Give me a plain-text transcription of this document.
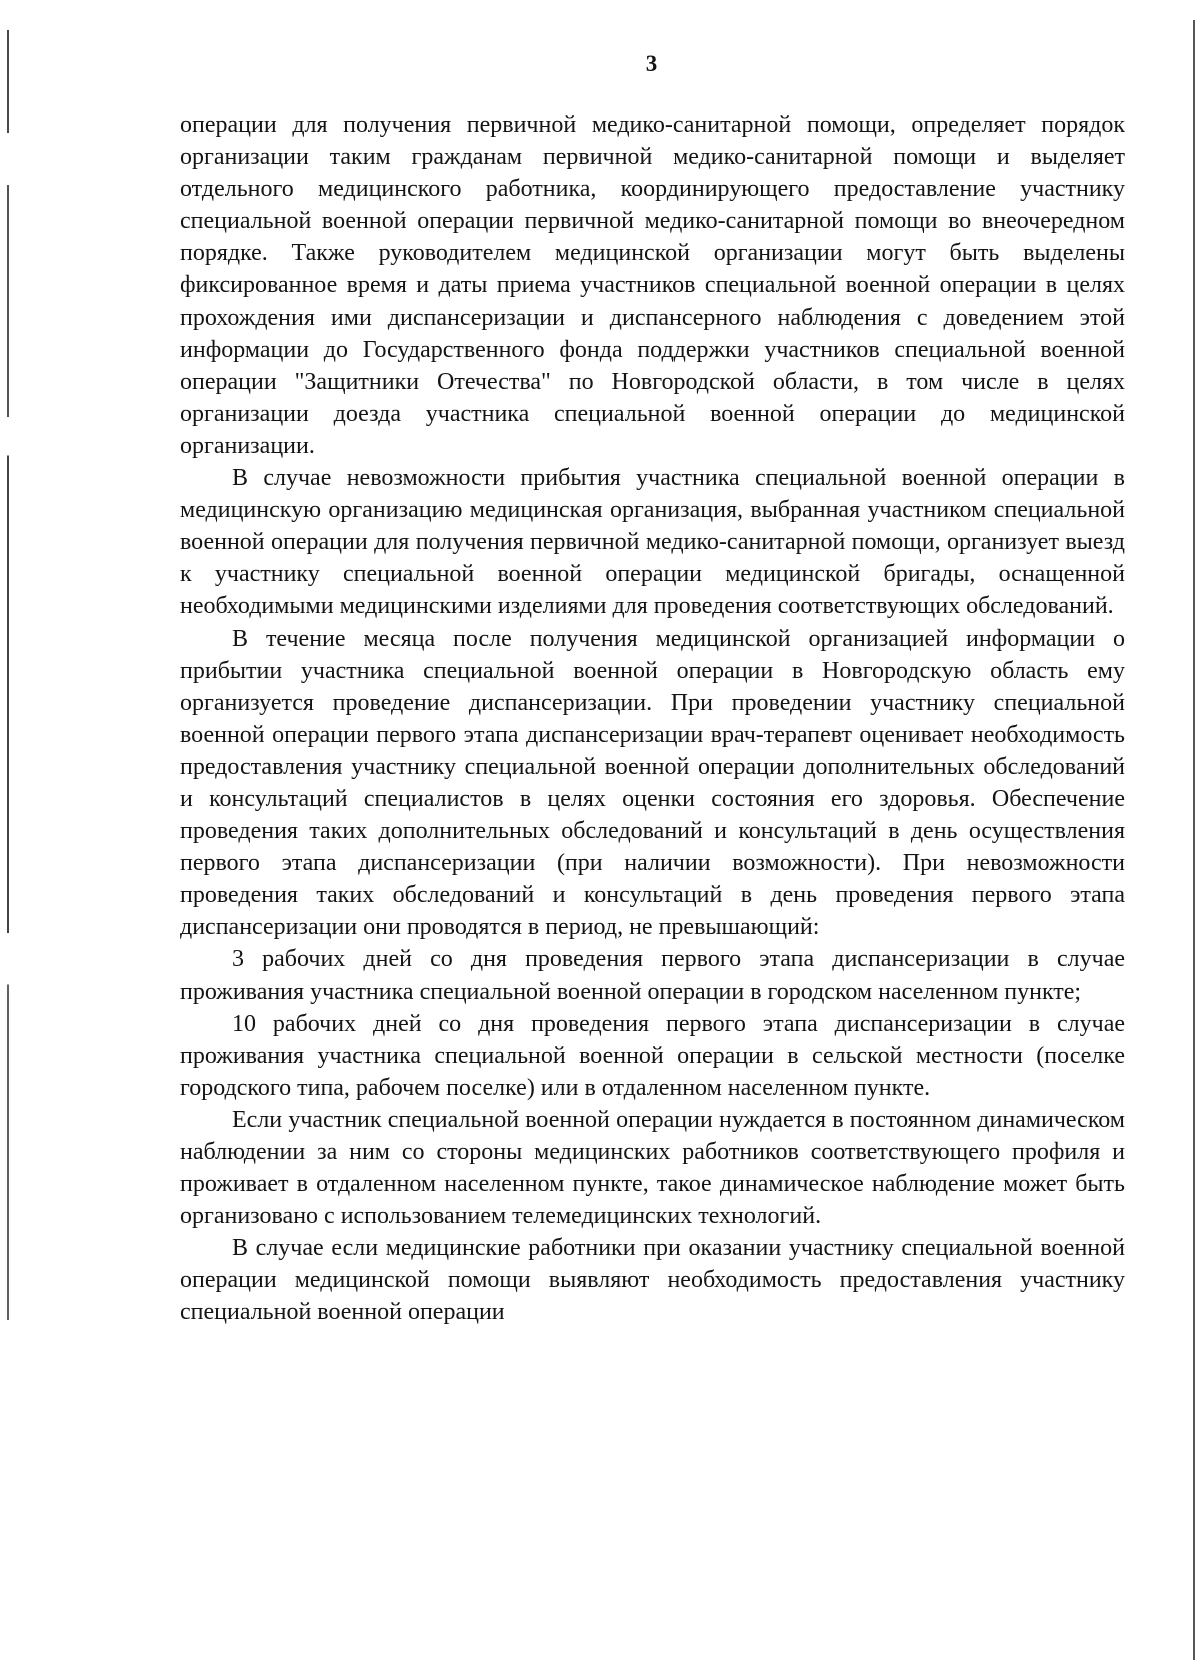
3

операции для получения первичной медико-санитарной помощи, определяет порядок организации таким гражданам первичной медико-санитарной помощи и выделяет отдельного медицинского работника, координирующего предоставление участнику специальной военной операции первичной медико-санитарной помощи во внеочередном порядке. Также руководителем медицинской организации могут быть выделены фиксированное время и даты приема участников специальной военной операции в целях прохождения ими диспансеризации и диспансерного наблюдения с доведением этой информации до Государственного фонда поддержки участников специальной военной операции "Защитники Отечества" по Новгородской области, в том числе в целях организации доезда участника специальной военной операции до медицинской организации.

В случае невозможности прибытия участника специальной военной операции в медицинскую организацию медицинская организация, выбранная участником специальной военной операции для получения первичной медико-санитарной помощи, организует выезд к участнику специальной военной операции медицинской бригады, оснащенной необходимыми медицинскими изделиями для проведения соответствующих обследований.

В течение месяца после получения медицинской организацией информации о прибытии участника специальной военной операции в Новгородскую область ему организуется проведение диспансеризации. При проведении участнику специальной военной операции первого этапа диспансеризации врач-терапевт оценивает необходимость предоставления участнику специальной военной операции дополнительных обследований и консультаций специалистов в целях оценки состояния его здоровья. Обеспечение проведения таких дополнительных обследований и консультаций в день осуществления первого этапа диспансеризации (при наличии возможности). При невозможности проведения таких обследований и консультаций в день проведения первого этапа диспансеризации они проводятся в период, не превышающий:

3 рабочих дней со дня проведения первого этапа диспансеризации в случае проживания участника специальной военной операции в городском населенном пункте;

10 рабочих дней со дня проведения первого этапа диспансеризации в случае проживания участника специальной военной операции в сельской местности (поселке городского типа, рабочем поселке) или в отдаленном населенном пункте.

Если участник специальной военной операции нуждается в постоянном динамическом наблюдении за ним со стороны медицинских работников соответствующего профиля и проживает в отдаленном населенном пункте, такое динамическое наблюдение может быть организовано с использованием телемедицинских технологий.

В случае если медицинские работники при оказании участнику специальной военной операции медицинской помощи выявляют необходимость предоставления участнику специальной военной операции
